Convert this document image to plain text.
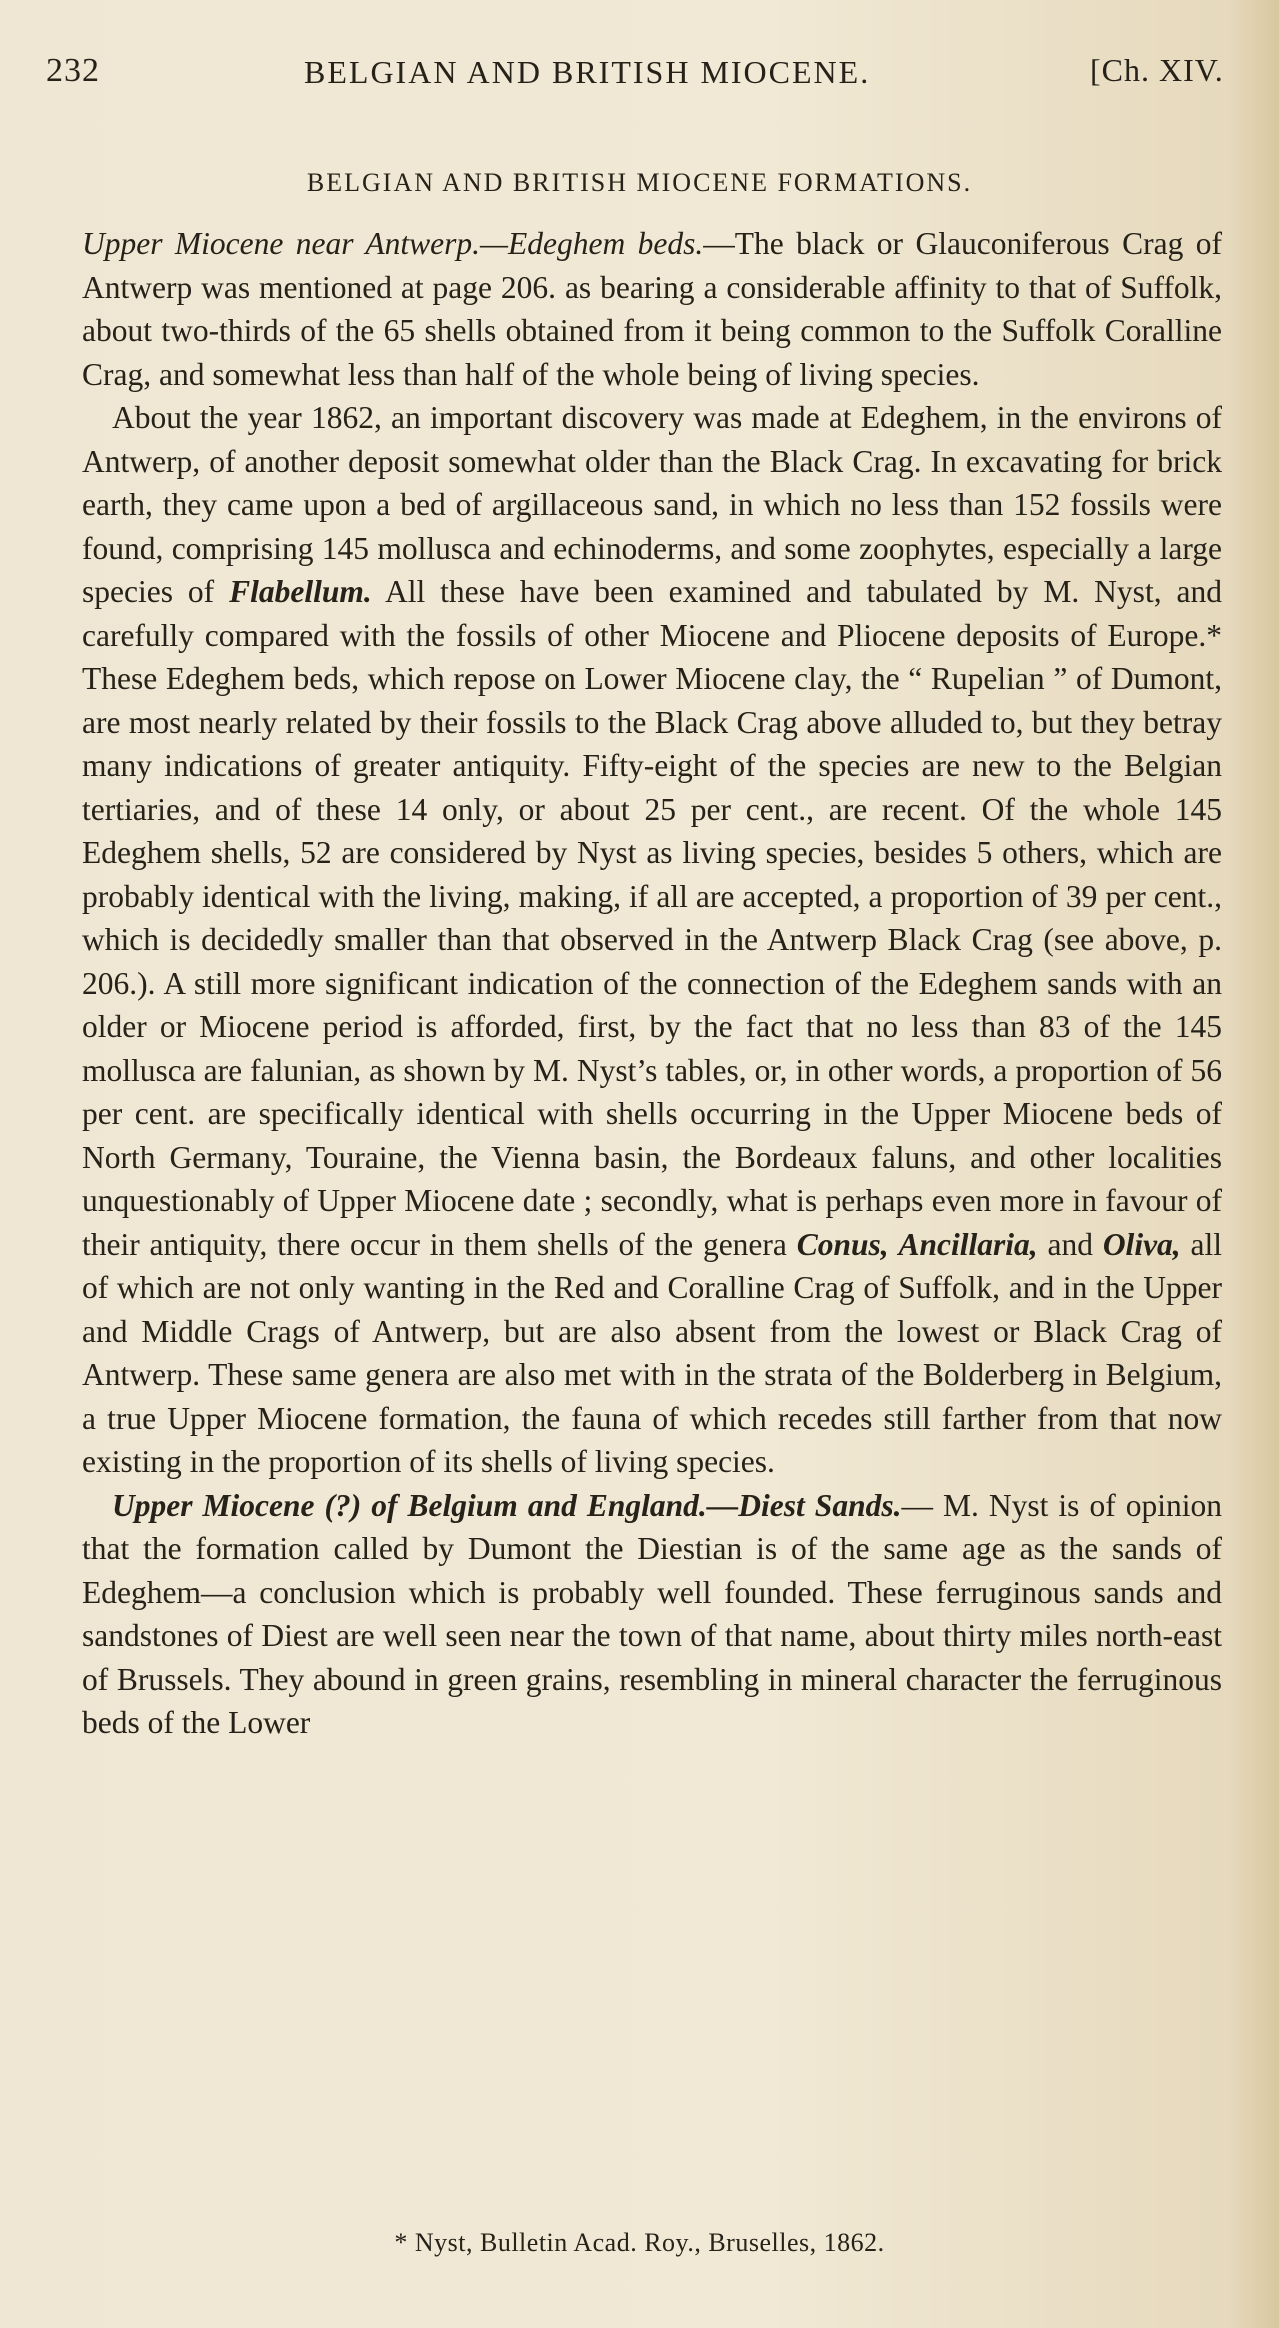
232	BELGIAN AND BRITISH MIOCENE.	[Ch. XIV.
BELGIAN AND BRITISH MIOCENE FORMATIONS.

Upper Miocene near Antwerp.—Edeghem beds.—The black or Glauconiferous Crag of Antwerp was mentioned at page 206. as bearing a considerable affinity to that of Suffolk, about two-thirds of the 65 shells obtained from it being common to the Suffolk Coralline Crag, and somewhat less than half of the whole being of living species.

About the year 1862, an important discovery was made at Edeghem, in the environs of Antwerp, of another deposit somewhat older than the Black Crag. In excavating for brick earth, they came upon a bed of argillaceous sand, in which no less than 152 fossils were found, comprising 145 mollusca and echinoderms, and some zoophytes, especially a large species of Flabellum. All these have been examined and tabulated by M. Nyst, and carefully compared with the fossils of other Miocene and Pliocene deposits of Europe.* These Edeghem beds, which repose on Lower Miocene clay, the “ Rupelian ” of Dumont, are most nearly related by their fossils to the Black Crag above alluded to, but they betray many indications of greater antiquity. Fifty-eight of the species are new to the Belgian tertiaries, and of these 14 only, or about 25 per cent., are recent. Of the whole 145 Edeghem shells, 52 are considered by Nyst as living species, besides 5 others, which are probably identical with the living, making, if all are accepted, a proportion of 39 per cent., which is decidedly smaller than that observed in the Antwerp Black Crag (see above, p. 206.). A still more significant indication of the connection of the Edeghem sands with an older or Miocene period is afforded, first, by the fact that no less than 83 of the 145 mollusca are falunian, as shown by M. Nyst’s tables, or, in other words, a proportion of 56 per cent. are specifically identical with shells occurring in the Upper Miocene beds of North Germany, Touraine, the Vienna basin, the Bordeaux faluns, and other localities unquestionably of Upper Miocene date ; secondly, what is perhaps even more in favour of their antiquity, there occur in them shells of the genera Conus, Ancillaria, and Oliva, all of which are not only wanting in the Red and Coralline Crag of Suffolk, and in the Upper and Middle Crags of Antwerp, but are also absent from the lowest or Black Crag of Antwerp. These same genera are also met with in the strata of the Bolderberg in Belgium, a true Upper Miocene formation, the fauna of which recedes still farther from that now existing in the proportion of its shells of living species.

Upper Miocene (?) of Belgium and England.—Diest Sands.— M. Nyst is of opinion that the formation called by Dumont the Diestian is of the same age as the sands of Edeghem—a conclusion which is probably well founded. These ferruginous sands and sandstones of Diest are well seen near the town of that name, about thirty miles north-east of Brussels. They abound in green grains, resembling in mineral character the ferruginous beds of the Lower

* Nyst, Bulletin Acad. Roy., Bruselles, 1862.
